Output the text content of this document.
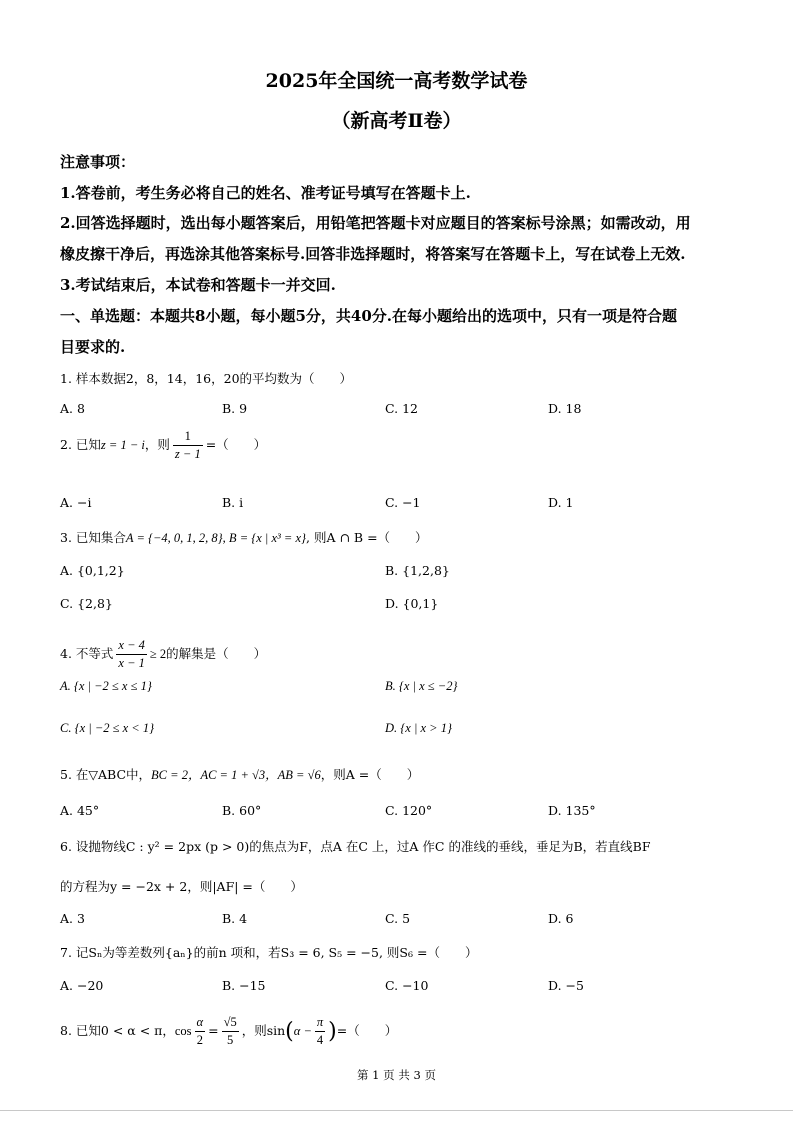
2025年全国统一高考数学试卷
（新高考Ⅱ卷）
注意事项：
1.答卷前，考生务必将自己的姓名、准考证号填写在答题卡上.
2.回答选择题时，选出每小题答案后，用铅笔把答题卡对应题目的答案标号涂黑；如需改动，用
橡皮擦干净后，再选涂其他答案标号.回答非选择题时，将答案写在答题卡上，写在试卷上无效.
3.考试结束后，本试卷和答题卡一并交回.
一、单选题：本题共8小题，每小题5分，共40分.在每小题给出的选项中，只有一项是符合题
目要求的.
1. 样本数据2，8，14，16，20的平均数为（　　）
A. 8	B. 9	C. 12	D. 18
2. 已知z = 1 − i，则 $\frac{1}{z - 1}$ =（　　）
A. −i	B. i	C. −1	D. 1
3. 已知集合A = {−4, 0, 1, 2, 8}, B = {x | x³ = x}, 则A ∩ B =（　　）
A. {0,1,2}	B. {1,2,8}
C. {2,8}	D. {0,1}
4. 不等式 $\frac{x - 4}{x - 1} \ge 2$的解集是（　　）
A. {x | −2 ≤ x ≤ 1}	B. {x | x ≤ −2}
C. {x | −2 ≤ x < 1}	D. {x | x > 1}
5. 在▽ABC中，BC = 2，AC = 1 + √3，AB = √6，则A =（　　）
A. 45°	B. 60°	C. 120°	D. 135°
6. 设抛物线C : y² = 2px (p > 0)的焦点为F，点A 在C 上，过A 作C 的准线的垂线，垂足为B，若直线BF
的方程为y = −2x + 2，则|AF| =（　　）
A. 3	B. 4	C. 5	D. 6
7. 记Sₙ为等差数列{aₙ}的前n 项和，若S₃ = 6, S₅ = −5, 则S₆ =（　　）
A. −20	B. −15	C. −10	D. −5
8. 已知0 < α < π，$\cos \frac{\alpha}{2} = \frac{√5}{5}$ ，则$\sin(\alpha - \frac{\pi}{4}$ )=（　　）
第 1 页 共 3 页
